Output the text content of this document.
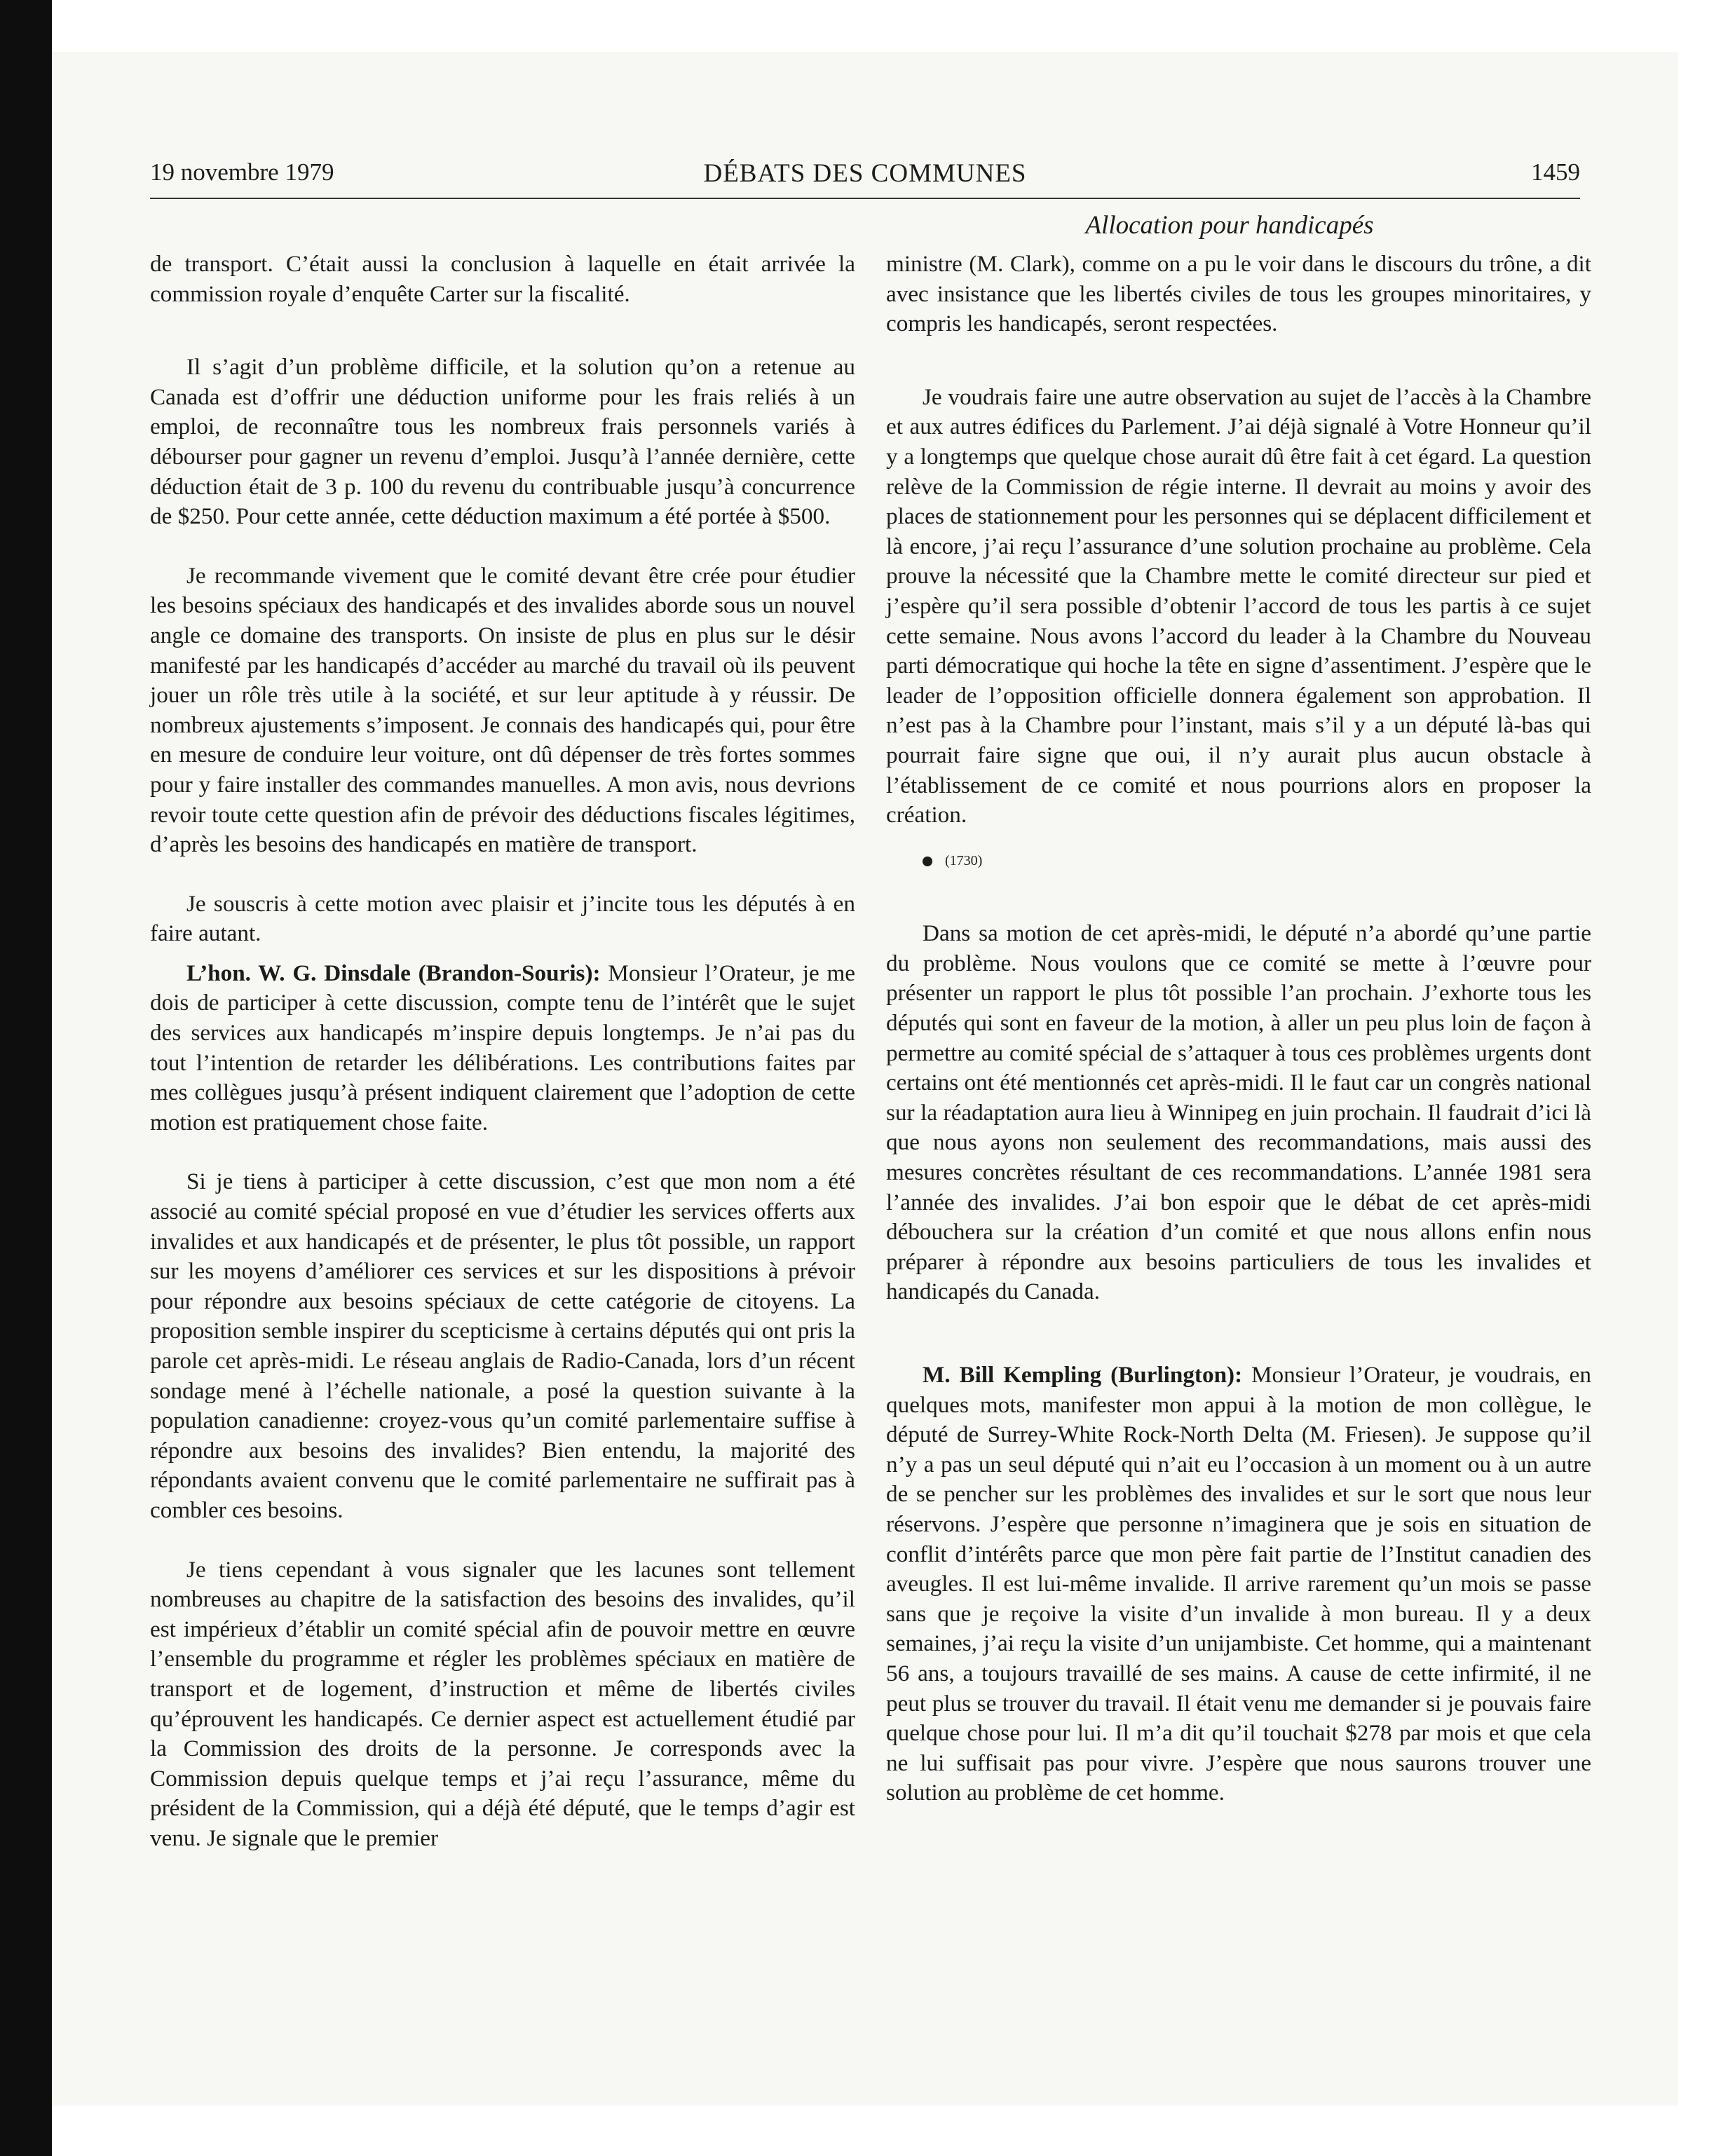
19 novembre 1979	DÉBATS DES COMMUNES	1459
Allocation pour handicapés

de transport. C’était aussi la conclusion à laquelle en était arrivée la commission royale d’enquête Carter sur la fiscalité.

Il s’agit d’un problème difficile, et la solution qu’on a retenue au Canada est d’offrir une déduction uniforme pour les frais reliés à un emploi, de reconnaître tous les nombreux frais personnels variés à débourser pour gagner un revenu d’emploi. Jusqu’à l’année dernière, cette déduction était de 3 p. 100 du revenu du contribuable jusqu’à concurrence de $250. Pour cette année, cette déduction maximum a été portée à $500.

Je recommande vivement que le comité devant être crée pour étudier les besoins spéciaux des handicapés et des invalides aborde sous un nouvel angle ce domaine des transports. On insiste de plus en plus sur le désir manifesté par les handicapés d’accéder au marché du travail où ils peuvent jouer un rôle très utile à la société, et sur leur aptitude à y réussir. De nombreux ajustements s’imposent. Je connais des handicapés qui, pour être en mesure de conduire leur voiture, ont dû dépenser de très fortes sommes pour y faire installer des commandes manuelles. A mon avis, nous devrions revoir toute cette question afin de prévoir des déductions fiscales légitimes, d’après les besoins des handicapés en matière de transport.

Je souscris à cette motion avec plaisir et j’incite tous les députés à en faire autant.

L’hon. W. G. Dinsdale (Brandon-Souris): Monsieur l’Orateur, je me dois de participer à cette discussion, compte tenu de l’intérêt que le sujet des services aux handicapés m’inspire depuis longtemps. Je n’ai pas du tout l’intention de retarder les délibérations. Les contributions faites par mes collègues jusqu’à présent indiquent clairement que l’adoption de cette motion est pratiquement chose faite.

Si je tiens à participer à cette discussion, c’est que mon nom a été associé au comité spécial proposé en vue d’étudier les services offerts aux invalides et aux handicapés et de présenter, le plus tôt possible, un rapport sur les moyens d’améliorer ces services et sur les dispositions à prévoir pour répondre aux besoins spéciaux de cette catégorie de citoyens. La proposition semble inspirer du scepticisme à certains députés qui ont pris la parole cet après-midi. Le réseau anglais de Radio-Canada, lors d’un récent sondage mené à l’échelle nationale, a posé la question suivante à la population canadienne: croyez-vous qu’un comité parlementaire suffise à répondre aux besoins des invalides? Bien entendu, la majorité des répondants avaient convenu que le comité parlementaire ne suffirait pas à combler ces besoins.

Je tiens cependant à vous signaler que les lacunes sont tellement nombreuses au chapitre de la satisfaction des besoins des invalides, qu’il est impérieux d’établir un comité spécial afin de pouvoir mettre en œuvre l’ensemble du programme et régler les problèmes spéciaux en matière de transport et de logement, d’instruction et même de libertés civiles qu’éprouvent les handicapés. Ce dernier aspect est actuellement étudié par la Commission des droits de la personne. Je corresponds avec la Commission depuis quelque temps et j’ai reçu l’assurance, même du président de la Commission, qui a déjà été député, que le temps d’agir est venu. Je signale que le premier

ministre (M. Clark), comme on a pu le voir dans le discours du trône, a dit avec insistance que les libertés civiles de tous les groupes minoritaires, y compris les handicapés, seront respectées.

Je voudrais faire une autre observation au sujet de l’accès à la Chambre et aux autres édifices du Parlement. J’ai déjà signalé à Votre Honneur qu’il y a longtemps que quelque chose aurait dû être fait à cet égard. La question relève de la Commission de régie interne. Il devrait au moins y avoir des places de stationnement pour les personnes qui se déplacent difficilement et là encore, j’ai reçu l’assurance d’une solution prochaine au problème. Cela prouve la nécessité que la Chambre mette le comité directeur sur pied et j’espère qu’il sera possible d’obtenir l’accord de tous les partis à ce sujet cette semaine. Nous avons l’accord du leader à la Chambre du Nouveau parti démocratique qui hoche la tête en signe d’assentiment. J’espère que le leader de l’opposition officielle donnera également son approbation. Il n’est pas à la Chambre pour l’instant, mais s’il y a un député là-bas qui pourrait faire signe que oui, il n’y aurait plus aucun obstacle à l’établissement de ce comité et nous pourrions alors en proposer la création.

(1730)

Dans sa motion de cet après-midi, le député n’a abordé qu’une partie du problème. Nous voulons que ce comité se mette à l’œuvre pour présenter un rapport le plus tôt possible l’an prochain. J’exhorte tous les députés qui sont en faveur de la motion, à aller un peu plus loin de façon à permettre au comité spécial de s’attaquer à tous ces problèmes urgents dont certains ont été mentionnés cet après-midi. Il le faut car un congrès national sur la réadaptation aura lieu à Winnipeg en juin prochain. Il faudrait d’ici là que nous ayons non seulement des recommandations, mais aussi des mesures concrètes résultant de ces recommandations. L’année 1981 sera l’année des invalides. J’ai bon espoir que le débat de cet après-midi débouchera sur la création d’un comité et que nous allons enfin nous préparer à répondre aux besoins particuliers de tous les invalides et handicapés du Canada.

M. Bill Kempling (Burlington): Monsieur l’Orateur, je voudrais, en quelques mots, manifester mon appui à la motion de mon collègue, le député de Surrey-White Rock-North Delta (M. Friesen). Je suppose qu’il n’y a pas un seul député qui n’ait eu l’occasion à un moment ou à un autre de se pencher sur les problèmes des invalides et sur le sort que nous leur réservons. J’espère que personne n’imaginera que je sois en situation de conflit d’intérêts parce que mon père fait partie de l’Institut canadien des aveugles. Il est lui-même invalide. Il arrive rarement qu’un mois se passe sans que je reçoive la visite d’un invalide à mon bureau. Il y a deux semaines, j’ai reçu la visite d’un unijambiste. Cet homme, qui a maintenant 56 ans, a toujours travaillé de ses mains. A cause de cette infirmité, il ne peut plus se trouver du travail. Il était venu me demander si je pouvais faire quelque chose pour lui. Il m’a dit qu’il touchait $278 par mois et que cela ne lui suffisait pas pour vivre. J’espère que nous saurons trouver une solution au problème de cet homme.
